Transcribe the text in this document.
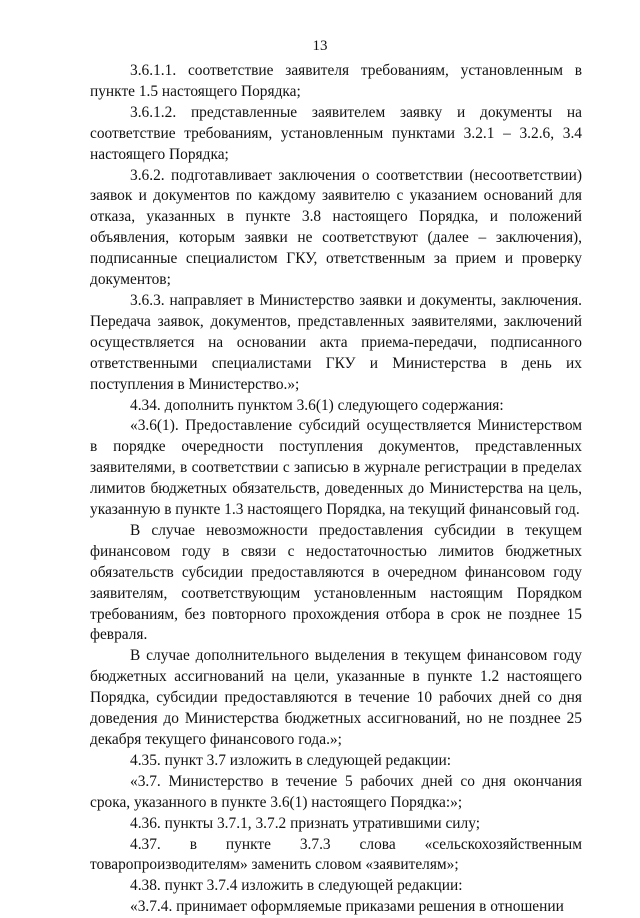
13

3.6.1.1. соответствие заявителя требованиям, установленным в пункте 1.5 настоящего Порядка;

3.6.1.2. представленные заявителем заявку и документы на соответствие требованиям, установленным пунктами 3.2.1 – 3.2.6, 3.4 настоящего Порядка;

3.6.2. подготавливает заключения о соответствии (несоответствии) заявок и документов по каждому заявителю с указанием оснований для отказа, указанных в пункте 3.8 настоящего Порядка, и положений объявления, которым заявки не соответствуют (далее – заключения), подписанные специалистом ГКУ, ответственным за прием и проверку документов;

3.6.3. направляет в Министерство заявки и документы, заключения. Передача заявок, документов, представленных заявителями, заключений осуществляется на основании акта приема-передачи, подписанного ответственными специалистами ГКУ и Министерства в день их поступления в Министерство.»;

4.34. дополнить пунктом 3.6(1) следующего содержания:

«3.6(1). Предоставление субсидий осуществляется Министерством в порядке очередности поступления документов, представленных заявителями, в соответствии с записью в журнале регистрации в пределах лимитов бюджетных обязательств, доведенных до Министерства на цель, указанную в пункте 1.3 настоящего Порядка, на текущий финансовый год.

В случае невозможности предоставления субсидии в текущем финансовом году в связи с недостаточностью лимитов бюджетных обязательств субсидии предоставляются в очередном финансовом году заявителям, соответствующим установленным настоящим Порядком требованиям, без повторного прохождения отбора в срок не позднее 15 февраля.

В случае дополнительного выделения в текущем финансовом году бюджетных ассигнований на цели, указанные в пункте 1.2 настоящего Порядка, субсидии предоставляются в течение 10 рабочих дней со дня доведения до Министерства бюджетных ассигнований, но не позднее 25 декабря текущего финансового года.»;

4.35. пункт 3.7 изложить в следующей редакции:

«3.7. Министерство в течение 5 рабочих дней со дня окончания срока, указанного в пункте 3.6(1) настоящего Порядка:»;

4.36. пункты 3.7.1, 3.7.2 признать утратившими силу;

4.37. в пункте 3.7.3 слова «сельскохозяйственным товаропроизводителям» заменить словом «заявителям»;

4.38. пункт 3.7.4 изложить в следующей редакции:

«3.7.4. принимает оформляемые приказами решения в отношении
